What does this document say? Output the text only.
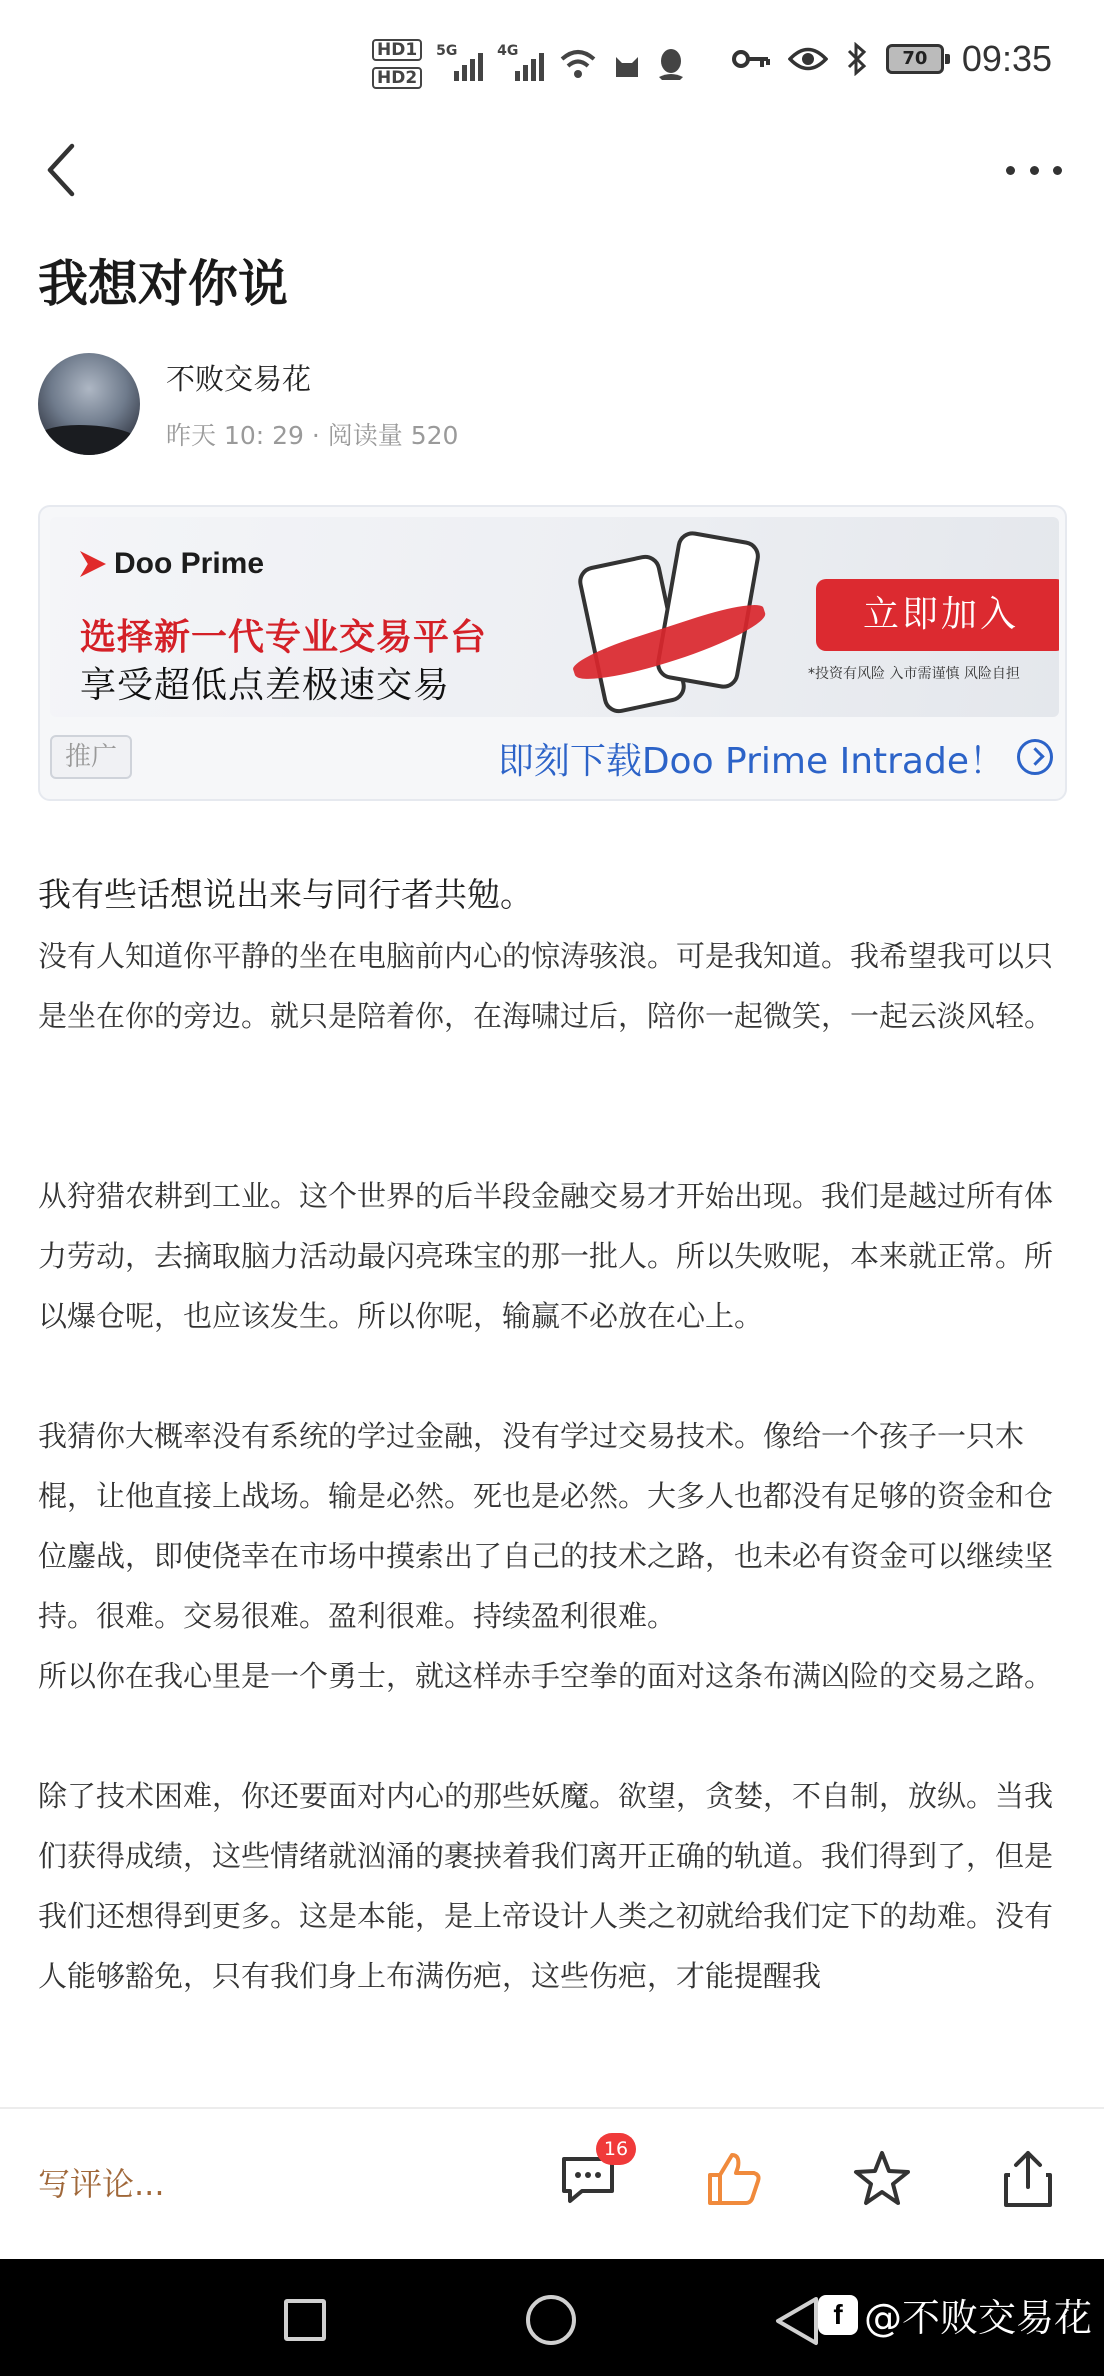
HD1
HD2
5G	4G	70 09:35
我想对你说
不败交易花
昨天 10: 29 · 阅读量 520
Doo Prime
选择新一代专业交易平台
享受超低点差极速交易
立即加入
*投资有风险 入市需谨慎 风险自担
推广	即刻下载Doo Prime Intrade！

我有些话想说出来与同行者共勉。

没有人知道你平静的坐在电脑前内心的惊涛骇浪。可是我知道。我希望我可以只是坐在你的旁边。就只是陪着你，在海啸过后，陪你一起微笑，一起云淡风轻。

从狩猎农耕到工业。这个世界的后半段金融交易才开始出现。我们是越过所有体力劳动，去摘取脑力活动最闪亮珠宝的那一批人。所以失败呢，本来就正常。所以爆仓呢，也应该发生。所以你呢，输赢不必放在心上。

我猜你大概率没有系统的学过金融，没有学过交易技术。像给一个孩子一只木棍，让他直接上战场。输是必然。死也是必然。大多人也都没有足够的资金和仓位鏖战，即使侥幸在市场中摸索出了自己的技术之路，也未必有资金可以继续坚持。很难。交易很难。盈利很难。持续盈利很难。

所以你在我心里是一个勇士，就这样赤手空拳的面对这条布满凶险的交易之路。

除了技术困难，你还要面对内心的那些妖魔。欲望，贪婪，不自制，放纵。当我们获得成绩，这些情绪就汹涌的裹挟着我们离开正确的轨道。我们得到了，但是我们还想得到更多。这是本能，是上帝设计人类之初就给我们定下的劫难。没有人能够豁免，只有我们身上布满伤疤，这些伤疤，才能提醒我

写评论...
16
f @不败交易花
